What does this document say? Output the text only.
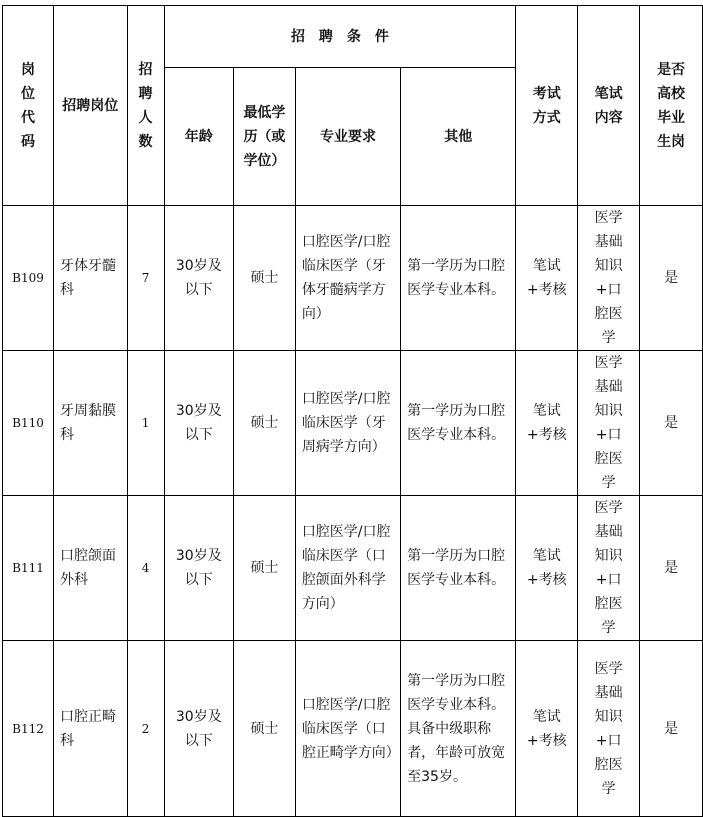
岗位代码	招聘岗位	招聘人数	招聘条件				考试方式	笔试内容	是否高校毕业生岗

			年龄	最低学历（或学位）	专业要求	其他			
B109	牙体牙髓科	7	30岁及以下	硕士	口腔医学/口腔临床医学（牙体牙髓病学方向）	第一学历为口腔医学专业本科。	笔试+考核	医学基础知识+口腔医学	是
B110	牙周黏膜科	1	30岁及以下	硕士	口腔医学/口腔临床医学（牙周病学方向）	第一学历为口腔医学专业本科。	笔试+考核	医学基础知识+口腔医学	是
B111	口腔颌面外科	4	30岁及以下	硕士	口腔医学/口腔临床医学（口腔颌面外科学方向）	第一学历为口腔医学专业本科。	笔试+考核	医学基础知识+口腔医学	是
B112	口腔正畸科	2	30岁及以下	硕士	口腔医学/口腔临床医学（口腔正畸学方向）	第一学历为口腔医学专业本科。具备中级职称者，年龄可放宽至35岁。	笔试+考核	医学基础知识+口腔医学	是
